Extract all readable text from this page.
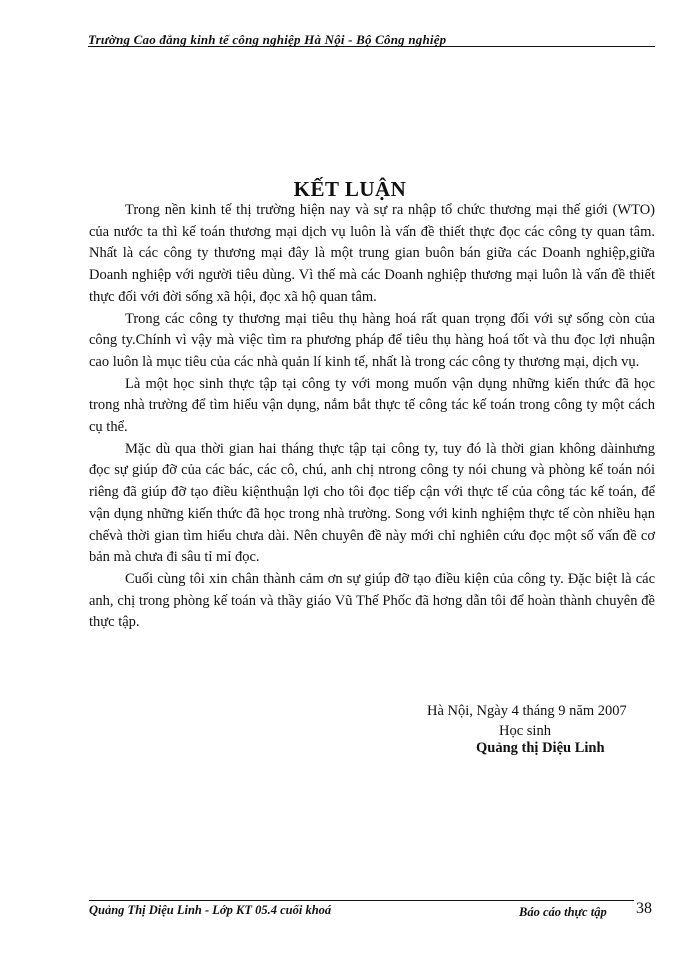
Trường Cao đẳng kinh tế công nghiệp Hà Nội - Bộ Công nghiệp
KẾT LUẬN

Trong nền kinh tế thị trường hiện nay và sự ra nhập tổ chức thương mại thế giới (WTO) của nước ta thì kế toán thương mại dịch vụ luôn là vấn đề thiết thực đọc các công ty quan tâm. Nhất là các công ty thương mại đây là một trung gian buôn bán giữa các Doanh nghiệp,giữa Doanh nghiệp với người tiêu dùng. Vì thế mà các Doanh nghiệp thương mại luôn là vấn đề thiết thực đối với đời sống xã hội, đọc xã hộ quan tâm.

Trong các công ty thương mại tiêu thụ hàng hoá rất quan trọng đối với sự sống còn của công ty.Chính vì vậy mà việc tìm ra phương pháp để tiêu thụ hàng hoá tốt và thu đọc lợi nhuận cao luôn là mục tiêu của các nhà quản lí kinh tế, nhất là trong các công ty thương mại, dịch vụ.

Là một học sinh thực tập tại công ty với mong muốn vận dụng những kiến thức đã học trong nhà trường để tìm hiểu vận dụng, nắm bắt thực tế công tác kế toán trong công ty một cách cụ thể.

Mặc dù qua thời gian hai tháng thực tập tại công ty, tuy đó là thời gian không dàinhưng đọc sự giúp đỡ của các bác, các cô, chú, anh chị ntrong công ty nói chung và phòng kế toán nói riêng đã giúp đỡ tạo điều kiệnthuận lợi cho tôi đọc tiếp cận với thực tế của công tác kế toán, để vận dụng những kiến thức đã học trong nhà trường. Song với kinh nghiệm thực tế còn nhiều hạn chếvà thời gian tìm hiểu chưa dài. Nên chuyên đề này mới chỉ nghiên cứu đọc một số vấn đề cơ bản mà chưa đi sâu tỉ mỉ đọc.

Cuối cùng tôi xin chân thành cảm ơn sự giúp đỡ tạo điều kiện của công ty. Đặc biệt là các anh, chị trong phòng kế toán và thầy giáo Vũ Thế Phốc đã hơng dẫn tôi để hoàn thành chuyên đề thực tập.

Hà Nội, Ngày 4 tháng 9 năm 2007
Học sinh
Quảng thị Diệu Linh
Quảng Thị Diệu Linh - Lớp KT 05.4 cuối khoá	Báo cáo thực tập 38
